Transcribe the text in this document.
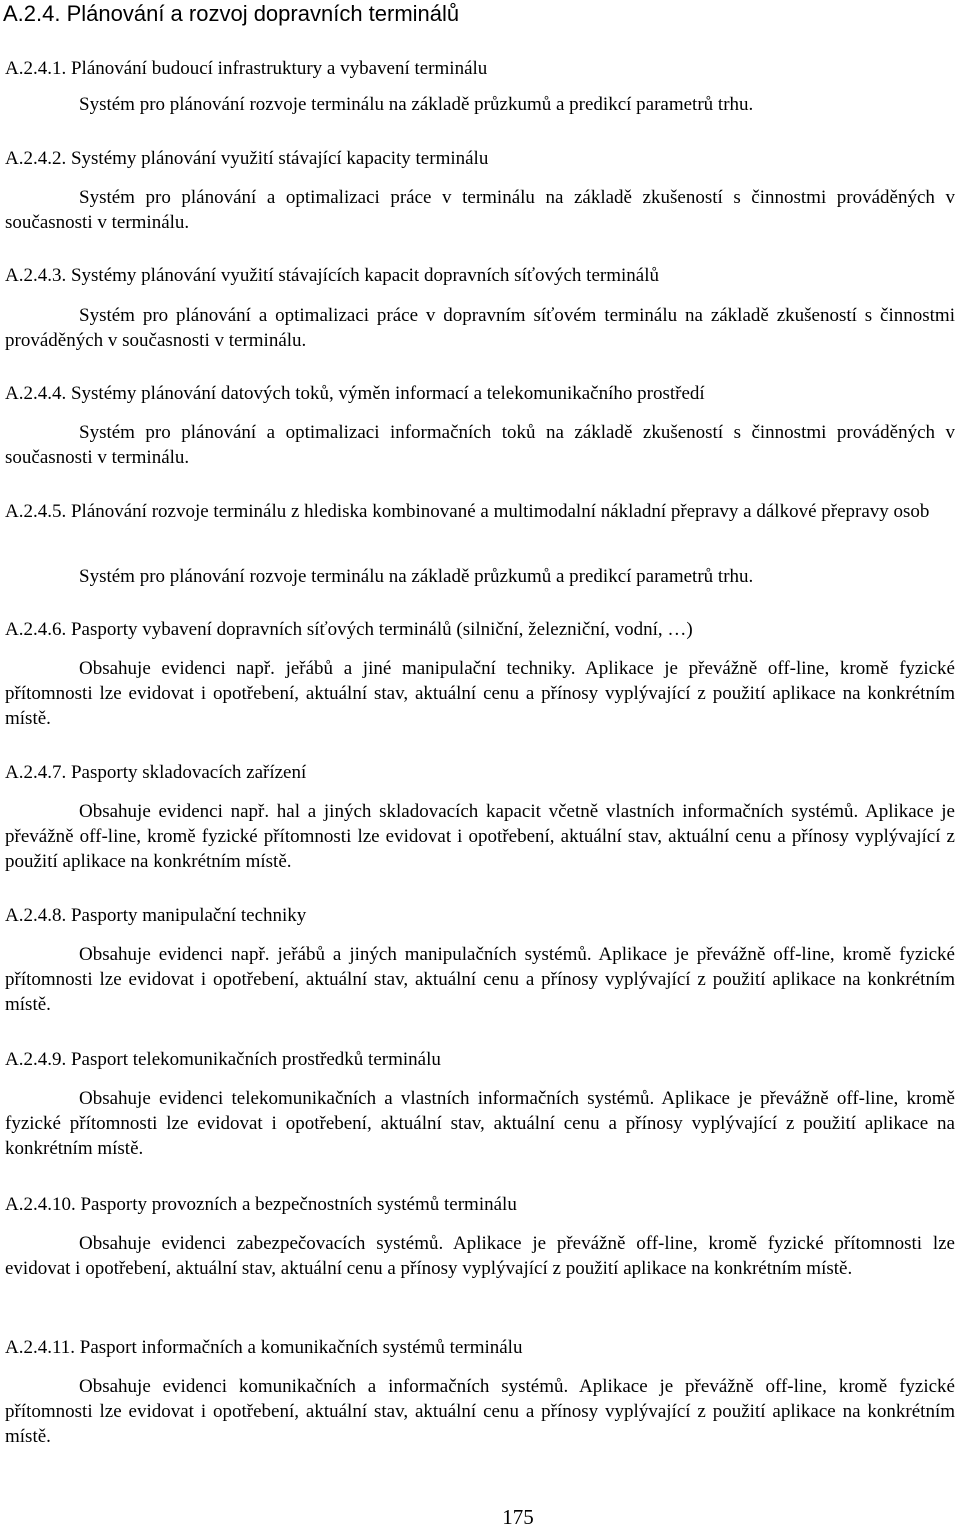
A.2.4. Plánování a rozvoj dopravních terminálů
A.2.4.1. Plánování budoucí infrastruktury a vybavení terminálu
Systém pro plánování rozvoje terminálu na základě průzkumů a predikcí parametrů trhu.
A.2.4.2. Systémy plánování využití stávající kapacity terminálu
Systém pro plánování a optimalizaci práce v terminálu na základě zkušeností s činnostmi prováděných v současnosti v terminálu.
A.2.4.3. Systémy plánování využití stávajících kapacit dopravních síťových terminálů
Systém pro plánování a optimalizaci práce v dopravním síťovém terminálu na základě zkušeností s činnostmi prováděných v současnosti v terminálu.
A.2.4.4. Systémy plánování datových toků, výměn informací a telekomunikačního prostředí
Systém pro plánování a optimalizaci informačních toků na základě zkušeností s činnostmi prováděných v současnosti v terminálu.
A.2.4.5. Plánování rozvoje terminálu z hlediska kombinované a multimodalní nákladní přepravy a dálkové přepravy osob
Systém pro plánování rozvoje terminálu na základě průzkumů a predikcí parametrů trhu.
A.2.4.6. Pasporty vybavení dopravních síťových terminálů (silniční, železniční, vodní, …)
Obsahuje evidenci např. jeřábů a jiné manipulační techniky. Aplikace je převážně off-line, kromě fyzické přítomnosti lze evidovat i opotřebení, aktuální stav, aktuální cenu a přínosy vyplývající z použití aplikace na konkrétním místě.
A.2.4.7. Pasporty skladovacích zařízení
Obsahuje evidenci např. hal a jiných skladovacích kapacit včetně vlastních informačních systémů. Aplikace je převážně off-line, kromě fyzické přítomnosti lze evidovat i opotřebení, aktuální stav, aktuální cenu a přínosy vyplývající z použití aplikace na konkrétním místě.
A.2.4.8. Pasporty manipulační techniky
Obsahuje evidenci např. jeřábů a jiných manipulačních systémů. Aplikace je převážně off-line, kromě fyzické přítomnosti lze evidovat i opotřebení, aktuální stav, aktuální cenu a přínosy vyplývající z použití aplikace na konkrétním místě.
A.2.4.9. Pasport telekomunikačních prostředků terminálu
Obsahuje evidenci telekomunikačních a vlastních informačních systémů. Aplikace je převážně off-line, kromě fyzické přítomnosti lze evidovat i opotřebení, aktuální stav, aktuální cenu a přínosy vyplývající z použití aplikace na konkrétním místě.
A.2.4.10. Pasporty provozních a bezpečnostních systémů terminálu
Obsahuje evidenci zabezpečovacích systémů. Aplikace je převážně off-line, kromě fyzické přítomnosti lze evidovat i opotřebení, aktuální stav, aktuální cenu a přínosy vyplývající z použití aplikace na konkrétním místě.
A.2.4.11. Pasport informačních a komunikačních systémů terminálu
Obsahuje evidenci komunikačních a informačních systémů. Aplikace je převážně off-line, kromě fyzické přítomnosti lze evidovat i opotřebení, aktuální stav, aktuální cenu a přínosy vyplývající z použití aplikace na konkrétním místě.
175
